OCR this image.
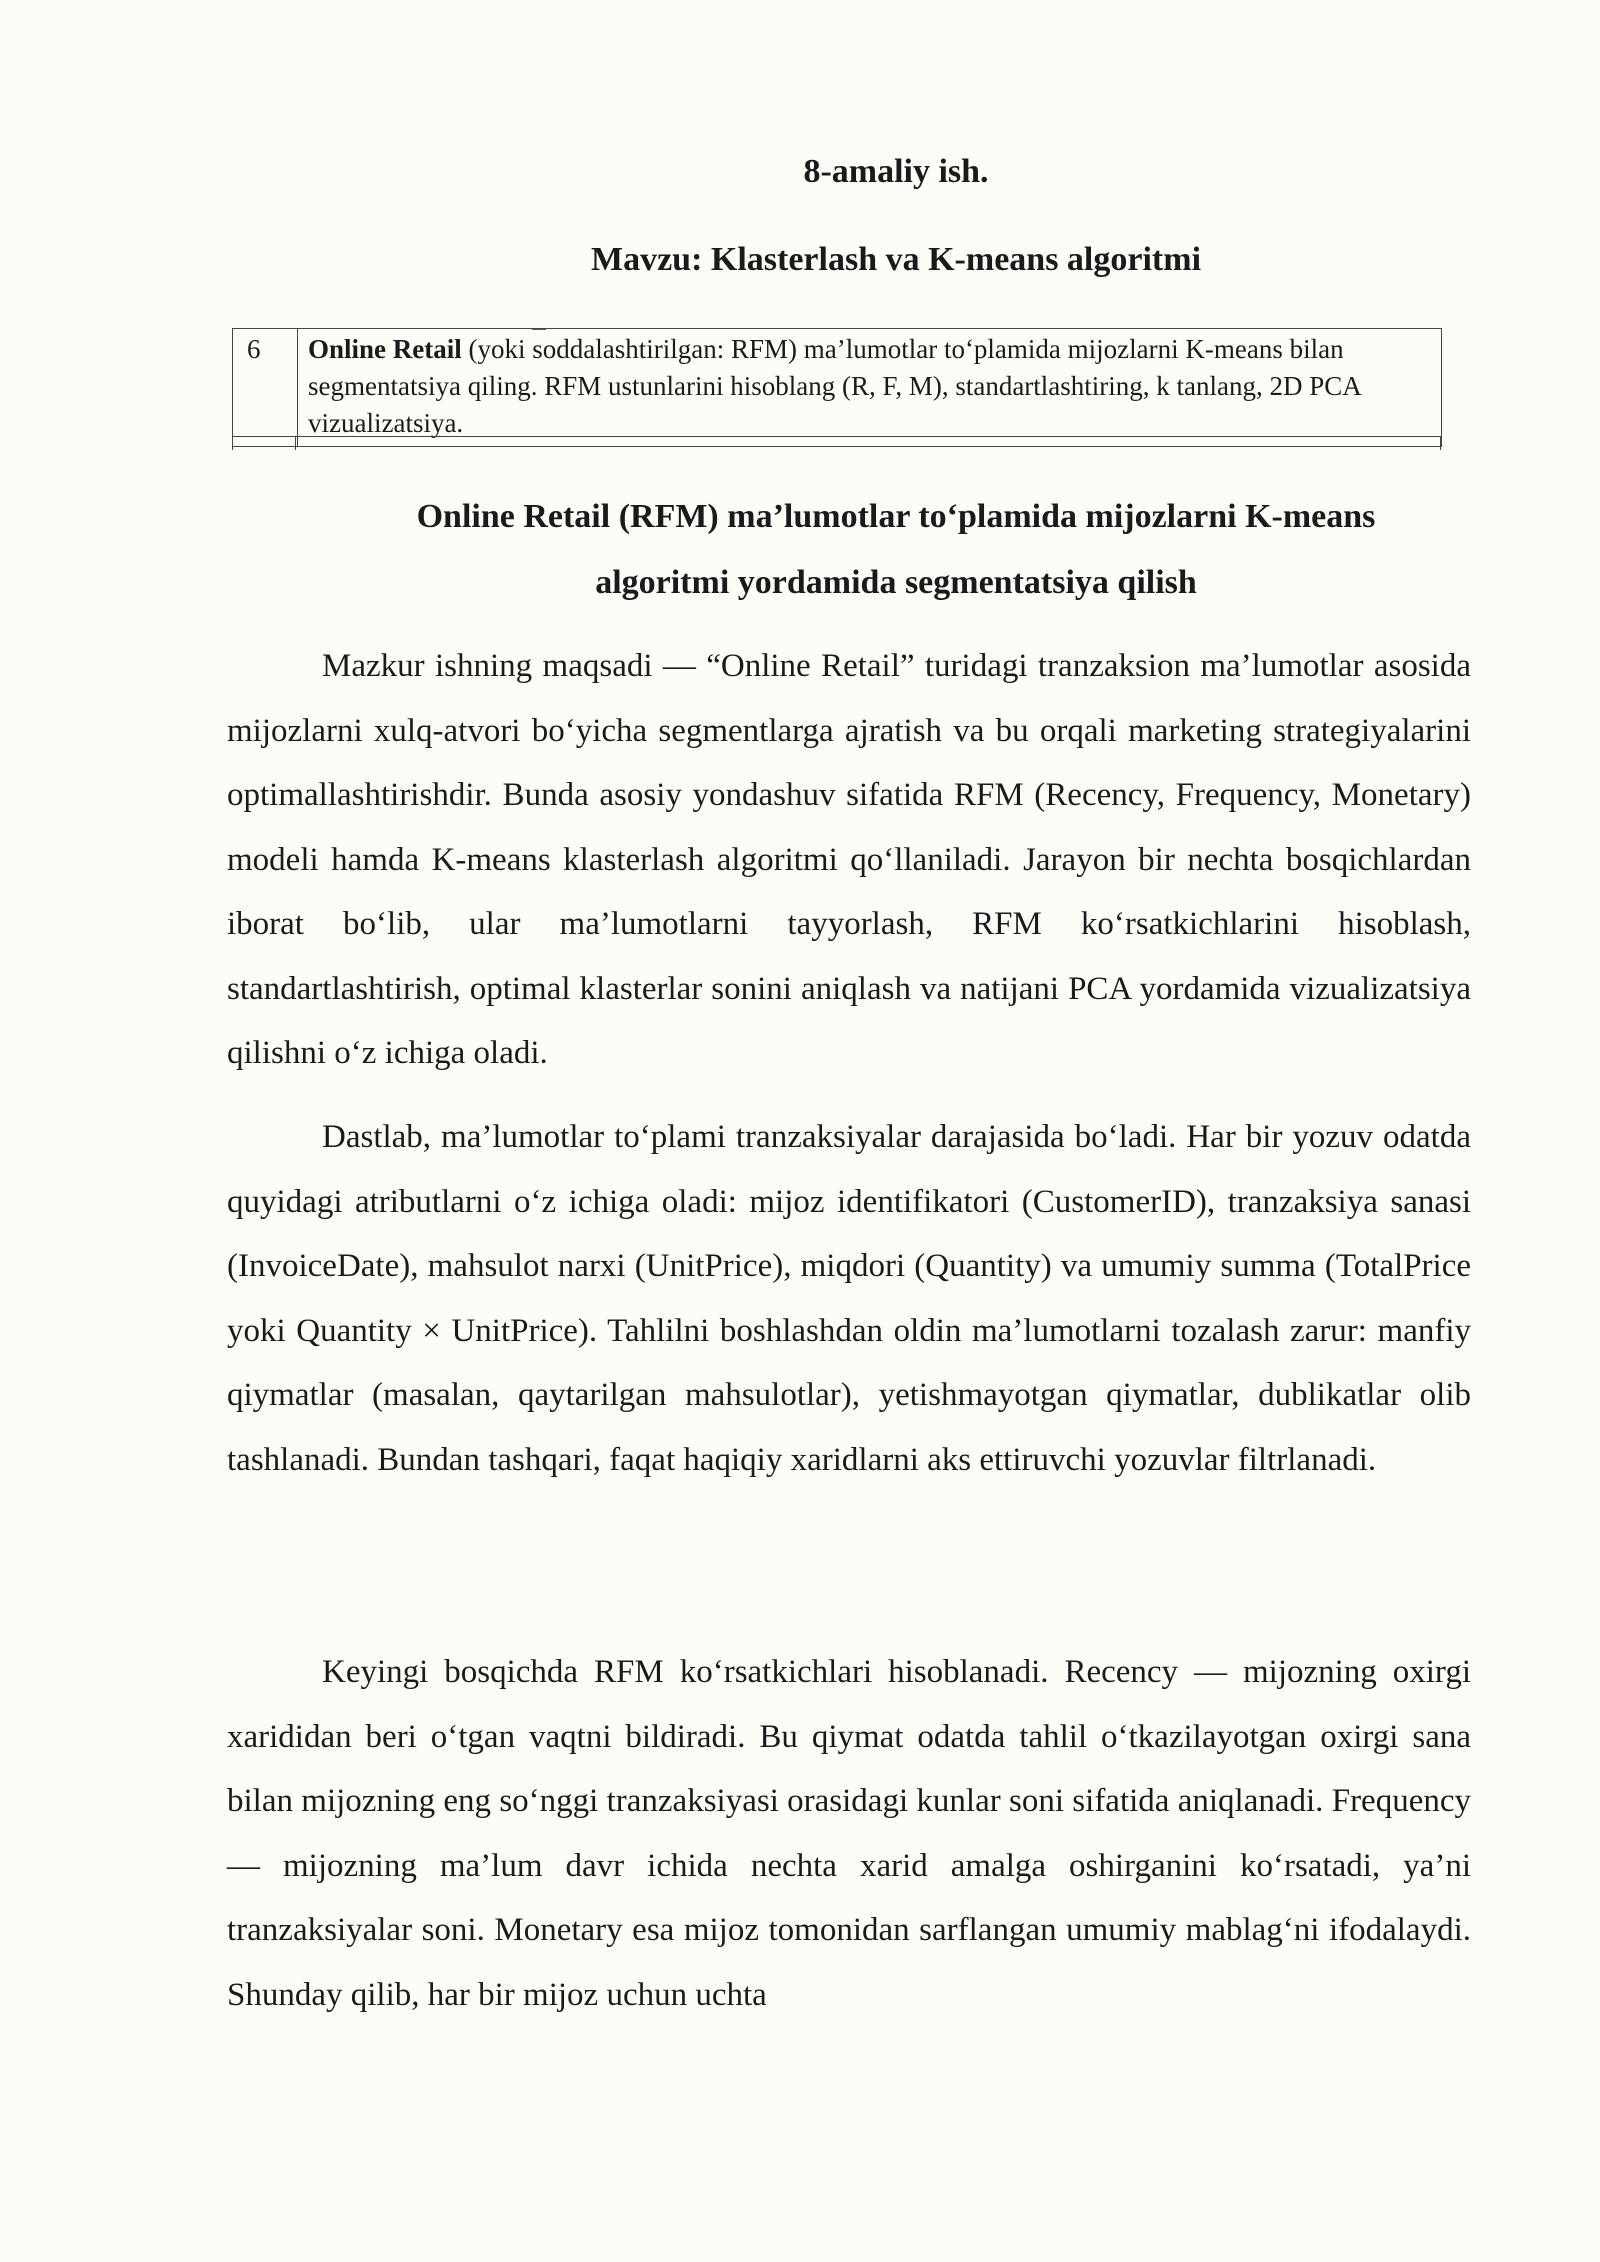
8-amaliy ish.

Mavzu: Klasterlash va K-means algoritmi

6	Online Retail (yoki soddalashtirilgan: RFM) ma’lumotlar to‘plamida mijozlarni K-means bilan segmentatsiya qiling. RFM ustunlarini hisoblang (R, F, M), standartlashtiring, k tanlang, 2D PCA vizualizatsiya.

Online Retail (RFM) ma’lumotlar to‘plamida mijozlarni K-means

algoritmi yordamida segmentatsiya qilish

Mazkur ishning maqsadi — “Online Retail” turidagi tranzaksion ma’lumotlar asosida mijozlarni xulq-atvori bo‘yicha segmentlarga ajratish va bu orqali marketing strategiyalarini optimallashtirishdir. Bunda asosiy yondashuv sifatida RFM (Recency, Frequency, Monetary) modeli hamda K-means klasterlash algoritmi qo‘llaniladi. Jarayon bir nechta bosqichlardan iborat bo‘lib, ular ma’lumotlarni tayyorlash, RFM ko‘rsatkichlarini hisoblash, standartlashtirish, optimal klasterlar sonini aniqlash va natijani PCA yordamida vizualizatsiya qilishni o‘z ichiga oladi.

Dastlab, ma’lumotlar to‘plami tranzaksiyalar darajasida bo‘ladi. Har bir yozuv odatda quyidagi atributlarni o‘z ichiga oladi: mijoz identifikatori (CustomerID), tranzaksiya sanasi (InvoiceDate), mahsulot narxi (UnitPrice), miqdori (Quantity) va umumiy summa (TotalPrice yoki Quantity × UnitPrice). Tahlilni boshlashdan oldin ma’lumotlarni tozalash zarur: manfiy qiymatlar (masalan, qaytarilgan mahsulotlar), yetishmayotgan qiymatlar, dublikatlar olib tashlanadi. Bundan tashqari, faqat haqiqiy xaridlarni aks ettiruvchi yozuvlar filtrlanadi.

Keyingi bosqichda RFM ko‘rsatkichlari hisoblanadi. Recency — mijozning oxirgi xarididan beri o‘tgan vaqtni bildiradi. Bu qiymat odatda tahlil o‘tkazilayotgan oxirgi sana bilan mijozning eng so‘nggi tranzaksiyasi orasidagi kunlar soni sifatida aniqlanadi. Frequency — mijozning ma’lum davr ichida nechta xarid amalga oshirganini ko‘rsatadi, ya’ni tranzaksiyalar soni. Monetary esa mijoz tomonidan sarflangan umumiy mablag‘ni ifodalaydi. Shunday qilib, har bir mijoz uchun uchta
